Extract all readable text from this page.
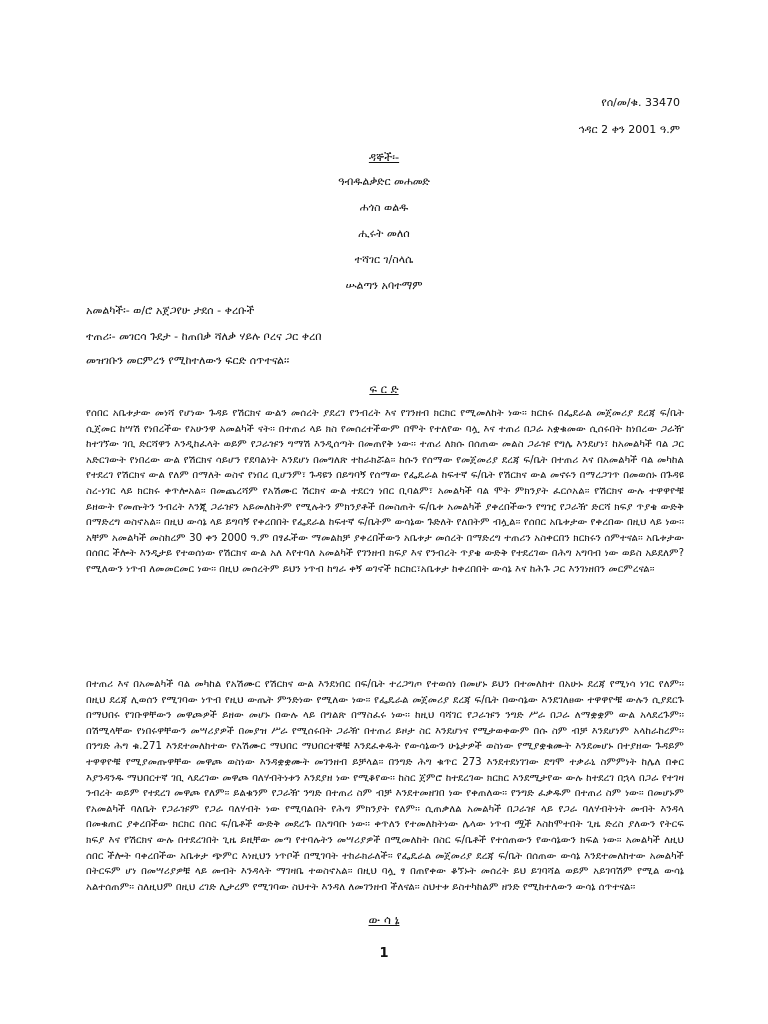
የሰ/መ/ቁ. 33470
ኅዳር 2 ቀን 2001 ዓ.ም
ዳኞች፡-
ዓብዱልቃድር መሐመድ
ሐጎስ ወልዱ
ሒሩት መለሰ
ተሻገር ገ/ስላሴ
ሡልጣን አባተማም
አመልካች፡- ወ/ሮ አጀጋየሁ ታደሰ - ቀረቡች
ተጠሪ፡- መገርሳ ጉደታ - ከጠበቃ ሻለቃ ሃይሉ ቦረና ጋር ቀረበ
መዝገቡን መርምረን የሚከተለውን ፍርድ ሰጥተናል፡፡
ፍ ር ድ

የሰበር አቤቱታው መነሻ የሆነው ጉዳይ የሽርክና ውልን መሰረት ያደረገ የንብረት እና የገንዘብ ክርክር የሚመለከት ነው፡፡ ክርክሩ በፌደራል መጀመሪያ ደረጃ ፍ/ቤት ሲጀመር ከሣሽ የነበረችው የአሁንዋ አመልካች ናት፡፡ በተጠሪ ላይ ክስ የመሰረተችውም በሞት የተለየው ባሏ እና ተጠሪ በጋራ አቋቁመው ሲሰሩበት ከነበረው ጋራዥ ከተገኘው ገቢ ድርሻዋን እንዲከፈላት ወይም የጋራዡን ግማሽ እንዲሰጣት በመጠየቅ ነው፡፡ ተጠሪ ለክሱ በሰጠው መልስ ጋራዡ የግሌ እንደሆነ፣ ከአመልካች ባል ጋር አድርገውት የነበረው ውል የሽርክና ሳይሆን የደባልነት እንደሆነ በመግለጽ ተከራክሯል፡፡ ከሱን የሰማው የመጀመሪያ ደረጃ ፍ/ቤት በተጠሪ እና በአመልካች ባል መካከል የተደረገ የሽርክና ውል የለም በማለት ወስኖ የነበረ ቢሆንም፣ ጉዳዩን በይግባኝ የሰማው የፌዴራል ከፍተኛ ፍ/ቤት የሽርክና ውል መኖሩን በማረጋገጥ በመወሰኑ በጉዳዩ ስረ-ነገር ላይ ክርክሩ ቀጥሎአል፡፡ በመጨረሻም የአሽሙር ሽርክና ውል ተደርጎ ነበር ቢባልም፣ አመልካች ባል ሞት ምክንያት ፈርሶአል፡፡ የሽርክና ውሉ ተዋዋዮቹ ይዘውት የመጡትን ንብረት እንጂ ጋራዡን አይመለከትም የሚሉትን ምክንያቶች በመስጠት ፍ/ቤቱ አመልካች ያቀረበችውን የግዢ የጋራዥ ድርሻ ክፍያ ጥያቄ ውድቅ በማድረግ ወስኖአል፡፡ በዚህ ውሳኔ ላይ ይግባኝ የቀረበበት የፌደራል ከፍተኛ ፍ/ቤትም ውሳኔው ጉድለት የለበትም ብሏል፡፡ የሰበር አቤቱታው የቀረበው በዚህ ላይ ነው፡፡ አቸም አመልካች መስከረም 30 ቀን 2000 ዓ.ም በፃፈችው ማመልከቻ ያቀረበችውን አቤቱታ መሰረት በማድረግ ተጠሪን አስቀርበን ክርክሩን ሰምተናል፡፡ አቤቱታው በሰበር ችሎት እንዲታይ የተወሰነው የሽርክና ውል አለ እየተባለ አመልካች የገንዘብ ክፍያ እና የንብረት ጥያቄ ውድቅ የተደረገው በሕግ አግባብ ነው ወይስ አይደለም? የሚለውን ነጥብ ለመመርመር ነው፡፡ በዚህ መሰረትም ይህን ነጥብ ከግራ ቀኝ ወገኖች ክርክር፣አቤቱታ ከቀረበበት ውሳኔ እና ከሕጉ ጋር እንገነዘበን መርምረናል፡፡

በተጠሪ እና በአመልካች ባል መካከል የአሽሙር የሽርክና ውል እንደነበር በፍ/ቤት ተረጋግጦ የተወሰነ በመሆኑ ይህን በተመለከተ በአሁኑ ደረጃ የሚነሳ ነገር የለም፡፡ በዚህ ደረጃ ሊወሰን የሚገባው ነጥብ የዚህ ውጤት ምንድነው የሚለው ነው፡፡ የፌዴራል መጀመሪያ ደረጃ ፍ/ቤት በውሳኔው እንደገለፀው ተዋዋዮቹ ውሉን ሲያደርጉ በማህበሩ የገቡዋቸውን መዋጮዎች ይዘው መሆኑ በውሉ ላይ በግልጽ በማስፈሩ ነው፡፡ ከዚህ ባሻገር የጋራዡን ንግድ ሥራ በጋራ ለማቋቋም ውል አላደረጉም፡፡ በሽሚላቸው የነበሩዋቸውን መሣሪያዎች በመያዝ ሥራ የሚሰሩበት ጋራዥ በተጠሪ ይዞታ ስር እንደሆነና የሚታወቀውም በሱ ስም ብቻ እንደሆነም አላከራከረም፡፡ በንግድ ሕግ ቁ.271 እንደተመለከተው የአሽሙር ማህበር ማህበርተኞቹ እንደፈቀዱት የውሳኔውን ሁኔታዎች ወስነው የሚያቋቁሙት እንደመሆኑ በተያዘው ጉዳይም ተዋዋዮቹ የሚያመጡዋቸው መዋጮ ወስነው እንዳቋቋሙት መገንዘብ ይቻላል፡፡ በንግድ ሕግ ቁጥር 273 እንደተደነገገው ደግሞ ተቃራኒ ስምምነት ከሌለ በቀር እያንዳንዱ ማህበርተኛ ገቢ ላደረገው መዋጮ ባለሃብትነቱን እንደያዘ ነው የሚቆየው፡፡ ከስር ጀምሮ ከተደረገው ክርክር እንደሚታየው ውሉ ከተደረገ በኋላ በጋራ የተገዛ ንብረት ወይም የተደረገ መዋጮ የለም፡፡ ይልቁንም የጋራዥ ንግድ በተጠሪ ስም ብቻ እንደተመዘገበ ነው የቀጠለው፡፡ የንግድ ፈቃዱም በተጠሪ ስም ነው፡፡ በመሆኑም የአመልካች ባለቤት የጋራዡም የጋራ ባለሃብት ነው የሚባልበት የሕግ ምክንያት የለም፡፡ ሲጠቃለል አመልካች በጋራዡ ላይ የጋራ ባለሃብትነት መብት እንዳላ በመቁጠር ያቀረበችው ክርክር በስር ፍ/ቤቶች ውድቅ መደረጉ በአግባቡ ነው፡፡ ቀጥለን የተመለከትነው ሌላው ነጥብ ሟች እስከሞተበት ጊዜ ድረስ ያለውን የትርፍ ክፍያ እና የሽርክና ውሉ በተደረገበት ጊዜ ይዚቸው መጣ የተባሉትን መሣሪያዎች በሚመለከት በስር ፍ/ቤቶች የተሰጠውን የውሳኔውን ክፍል ነው፡፡ አመልካች ለዚህ ሰበር ችሎት ባቀረበችው አቤቱታ ጭምር እነዚህን ነጥቦች በሚገባት ተከራክራለች፡፡ የፌዴራል መጀመሪያ ደረጃ ፍ/ቤት በሰጠው ውሳኔ እንደተመለከተው አመልካች በትርፍም ሆነ በመሣሪያዎቹ ላይ መብት እንዳላት ማገዛቤ ተወስኖአል፡፡ በዚህ ባሏ ፃ በጠየቀው ቆኘኑት መሰረት ይህ ይገባሻል ወይም አይገባሽም የሚል ውሳኔ አልተሰጠም፡፡ ስለዚህም በዚህ ረገድ ሊታረም የሚገባው ስህተት እንዳለ ለመገንዘብ ችለናል፡፡ ስህተቱ ይስተካከልም ዘንድ የሚከተለውን ውሳኔ ሰጥተናል፡፡

ው ሳ ኔ
1
